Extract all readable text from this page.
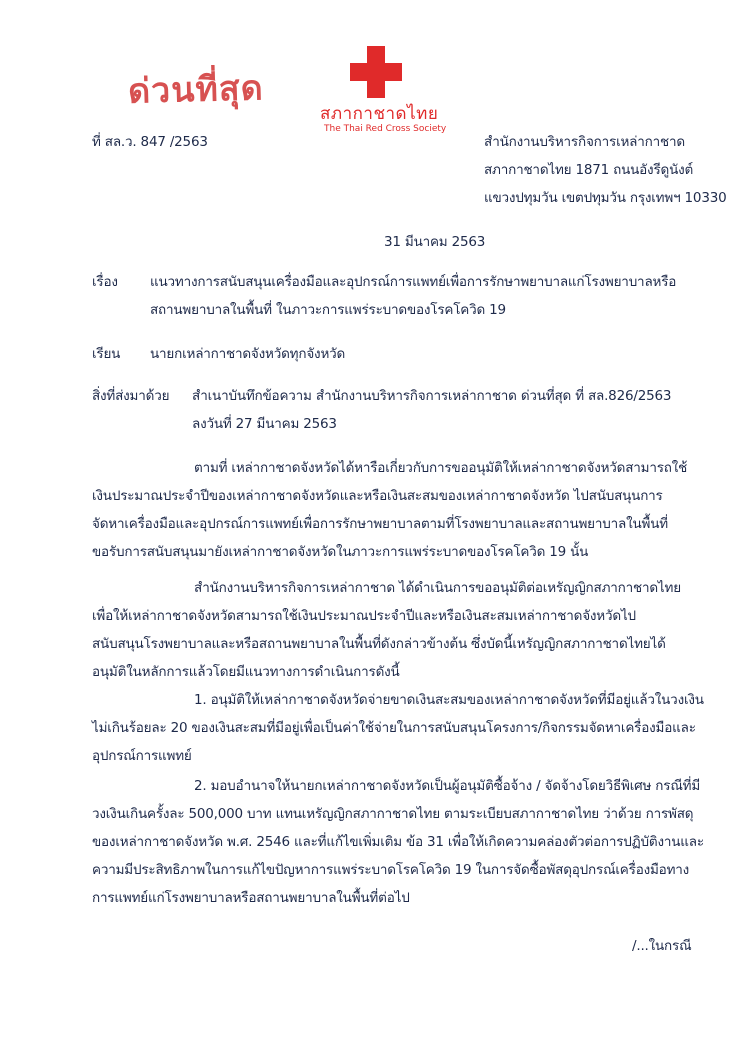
ด่วนที่สุด
สภากาชาดไทย
The Thai Red Cross Society
ที่ สล.ว. 847 /2563	สำนักงานบริหารกิจการเหล่ากาชาด
สภากาชาดไทย 1871 ถนนอังรีดูนังต์
แขวงปทุมวัน เขตปทุมวัน กรุงเทพฯ 10330
31 มีนาคม 2563
เรื่อง แนวทางการสนับสนุนเครื่องมือและอุปกรณ์การแพทย์เพื่อการรักษาพยาบาลแก่โรงพยาบาลหรือ
สถานพยาบาลในพื้นที่ ในภาวะการแพร่ระบาดของโรคโควิด 19
เรียน นายกเหล่ากาชาดจังหวัดทุกจังหวัด
สิ่งที่ส่งมาด้วย สำเนาบันทึกข้อความ สำนักงานบริหารกิจการเหล่ากาชาด ด่วนที่สุด ที่ สล.826/2563
ลงวันที่ 27 มีนาคม 2563
ตามที่ เหล่ากาชาดจังหวัดได้หารือเกี่ยวกับการขออนุมัติให้เหล่ากาชาดจังหวัดสามารถใช้
เงินประมาณประจำปีของเหล่ากาชาดจังหวัดและหรือเงินสะสมของเหล่ากาชาดจังหวัด ไปสนับสนุนการ
จัดหาเครื่องมือและอุปกรณ์การแพทย์เพื่อการรักษาพยาบาลตามที่โรงพยาบาลและสถานพยาบาลในพื้นที่
ขอรับการสนับสนุนมายังเหล่ากาชาดจังหวัดในภาวะการแพร่ระบาดของโรคโควิด 19 นั้น
สำนักงานบริหารกิจการเหล่ากาชาด ได้ดำเนินการขออนุมัติต่อเหรัญญิกสภากาชาดไทย
เพื่อให้เหล่ากาชาดจังหวัดสามารถใช้เงินประมาณประจำปีและหรือเงินสะสมเหล่ากาชาดจังหวัดไป
สนับสนุนโรงพยาบาลและหรือสถานพยาบาลในพื้นที่ดังกล่าวข้างต้น ซึ่งบัดนี้เหรัญญิกสภากาชาดไทยได้
อนุมัติในหลักการแล้วโดยมีแนวทางการดำเนินการดังนี้
1. อนุมัติให้เหล่ากาชาดจังหวัดจ่ายขาดเงินสะสมของเหล่ากาชาดจังหวัดที่มีอยู่แล้วในวงเงิน
ไม่เกินร้อยละ 20 ของเงินสะสมที่มีอยู่เพื่อเป็นค่าใช้จ่ายในการสนับสนุนโครงการ/กิจกรรมจัดหาเครื่องมือและ
อุปกรณ์การแพทย์
2. มอบอำนาจให้นายกเหล่ากาชาดจังหวัดเป็นผู้อนุมัติซื้อจ้าง / จัดจ้างโดยวิธีพิเศษ กรณีที่มี
วงเงินเกินครั้งละ 500,000 บาท แทนเหรัญญิกสภากาชาดไทย ตามระเบียบสภากาชาดไทย ว่าด้วย การพัสดุ
ของเหล่ากาชาดจังหวัด พ.ศ. 2546 และที่แก้ไขเพิ่มเติม ข้อ 31 เพื่อให้เกิดความคล่องตัวต่อการปฏิบัติงานและ
ความมีประสิทธิภาพในการแก้ไขปัญหาการแพร่ระบาดโรคโควิด 19 ในการจัดซื้อพัสดุอุปกรณ์เครื่องมือทาง
การแพทย์แก่โรงพยาบาลหรือสถานพยาบาลในพื้นที่ต่อไป
/...ในกรณี
